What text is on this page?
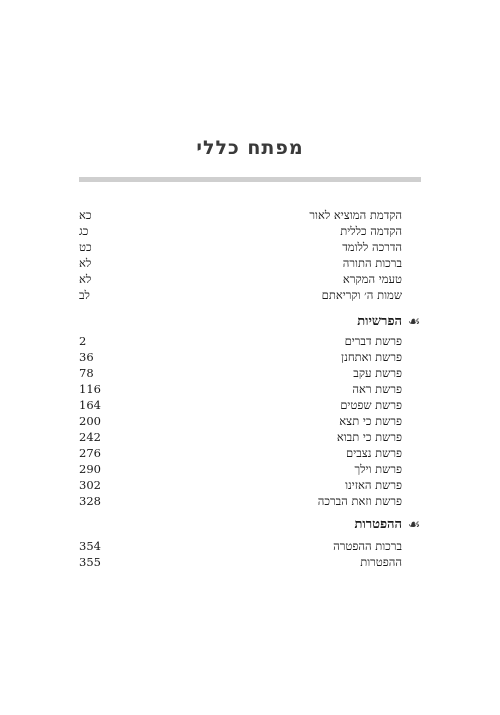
מפתח כללי
הקדמת המוציא לאור
כא
הקדמה כללית
כג
הדרכה ללומד
כט
ברכות התורה
לא
טעמי המקרא
לא
שמות ה׳ וקריאתם
לב
☙
הפרשיות
פרשת דברים
2
פרשת ואתחנן
36
פרשת עקב
78
פרשת ראה
116
פרשת שפטים
164
פרשת כי תצא
200
פרשת כי תבוא
242
פרשת נצבים
276
פרשת וילך
290
פרשת האזינו
302
פרשת וזאת הברכה
328
☙
ההפטרות
ברכות ההפטרה
354
ההפטרות
355
